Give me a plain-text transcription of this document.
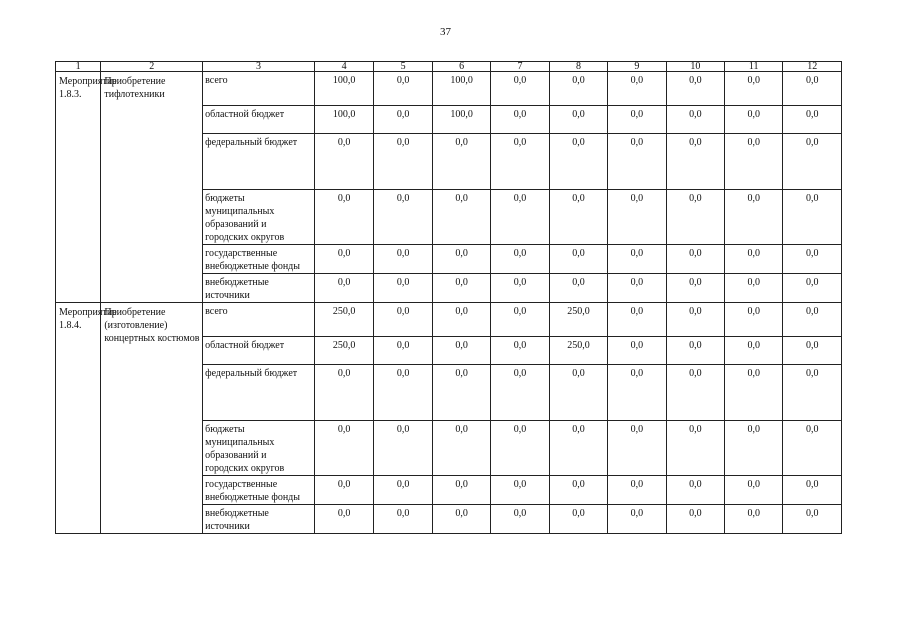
37
1	2	3	4	5	6	7	8	9	10	11	12
Мероприятие 1.8.3.	Приобретение тифлотехники	всего	100,0	0,0	100,0	0,0	0,0	0,0	0,0	0,0	0,0
		областной бюджет	100,0	0,0	100,0	0,0	0,0	0,0	0,0	0,0	0,0
		федеральный бюджет	0,0	0,0	0,0	0,0	0,0	0,0	0,0	0,0	0,0
		бюджеты муниципальных образований и городских округов	0,0	0,0	0,0	0,0	0,0	0,0	0,0	0,0	0,0
		государственные внебюджетные фонды	0,0	0,0	0,0	0,0	0,0	0,0	0,0	0,0	0,0
		внебюджетные источники	0,0	0,0	0,0	0,0	0,0	0,0	0,0	0,0	0,0
Мероприятие 1.8.4.	Приобретение (изготовление) концертных костюмов	всего	250,0	0,0	0,0	0,0	250,0	0,0	0,0	0,0	0,0
		областной бюджет	250,0	0,0	0,0	0,0	250,0	0,0	0,0	0,0	0,0
		федеральный бюджет	0,0	0,0	0,0	0,0	0,0	0,0	0,0	0,0	0,0
		бюджеты муниципальных образований и городских округов	0,0	0,0	0,0	0,0	0,0	0,0	0,0	0,0	0,0
		государственные внебюджетные фонды	0,0	0,0	0,0	0,0	0,0	0,0	0,0	0,0	0,0
		внебюджетные источники	0,0	0,0	0,0	0,0	0,0	0,0	0,0	0,0	0,0
